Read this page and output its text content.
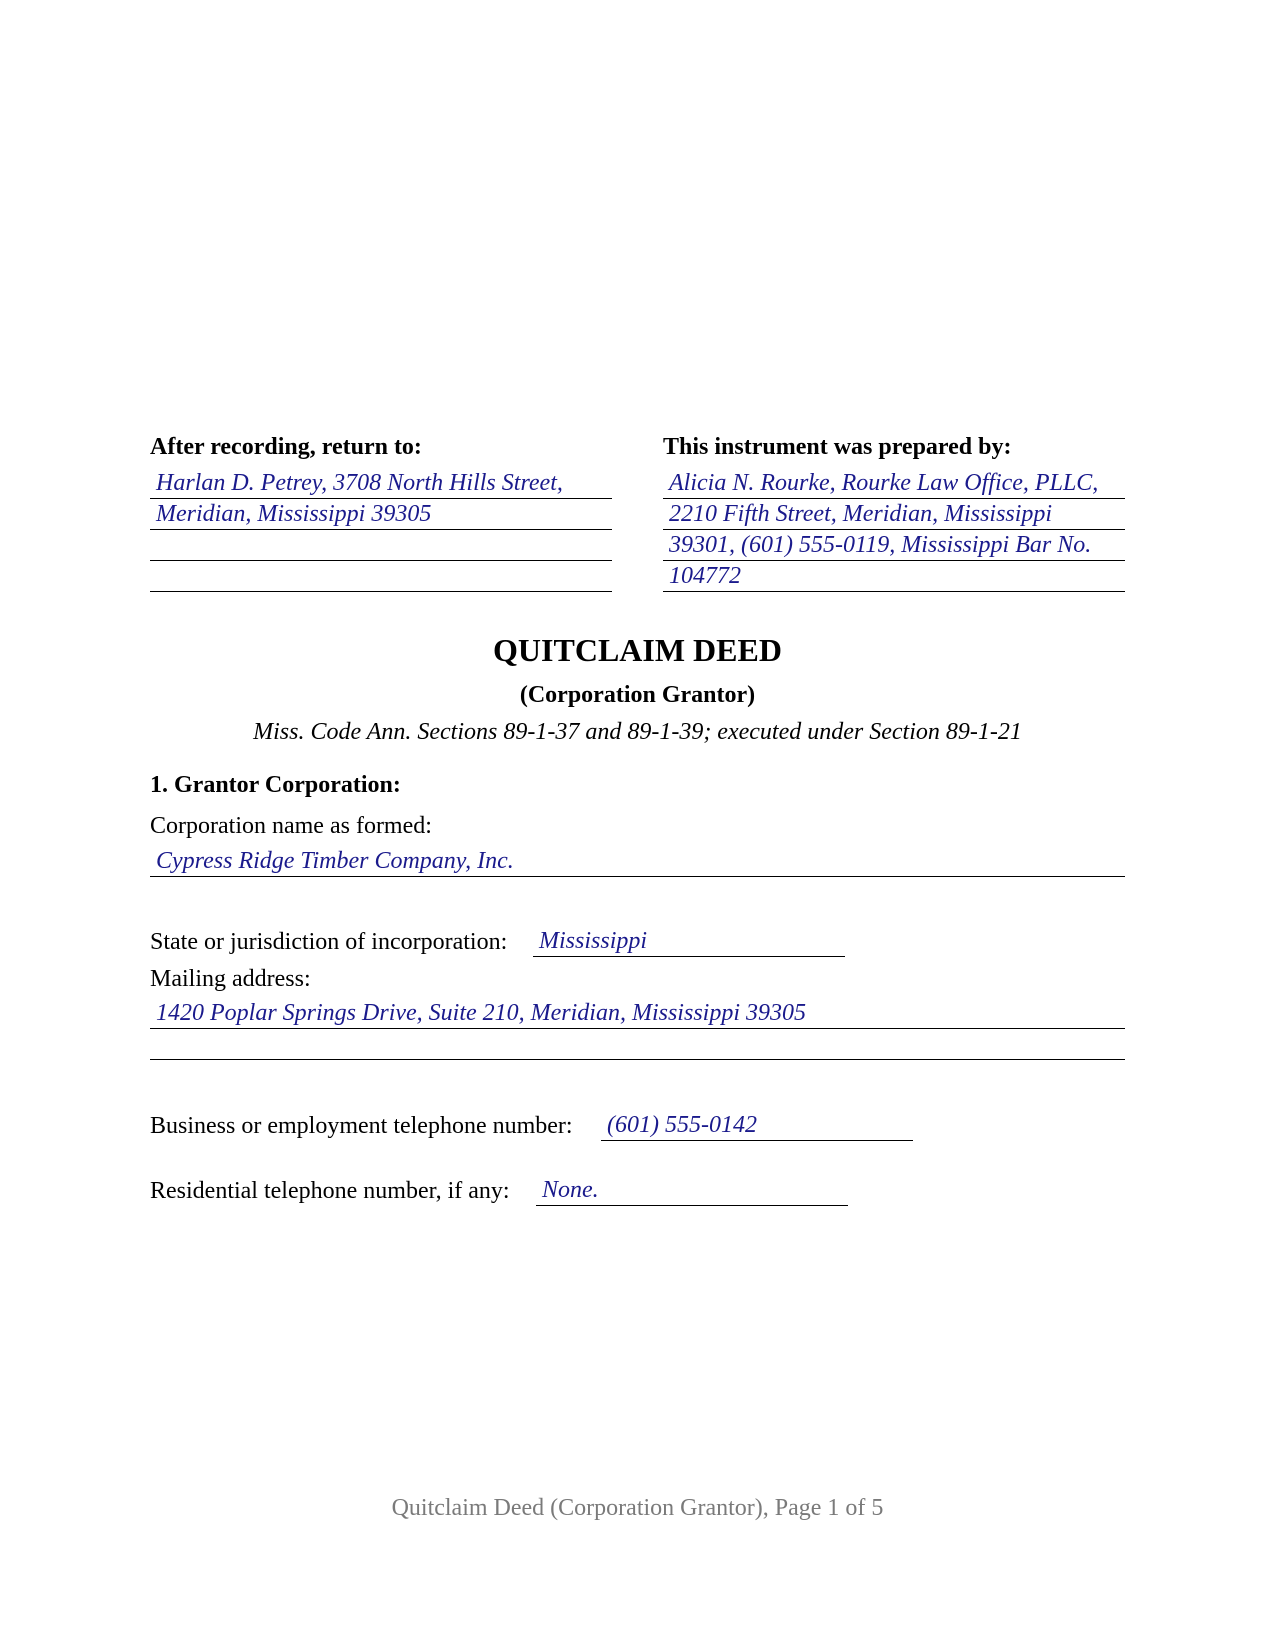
After recording, return to:
Harlan D. Petrey, 3708 North Hills Street,
Meridian, Mississippi 39305
This instrument was prepared by:
Alicia N. Rourke, Rourke Law Office, PLLC,
2210 Fifth Street, Meridian, Mississippi
39301, (601) 555-0119, Mississippi Bar No.
104772
QUITCLAIM DEED
(Corporation Grantor)
Miss. Code Ann. Sections 89-1-37 and 89-1-39; executed under Section 89-1-21
1. Grantor Corporation:
Corporation name as formed:
Cypress Ridge Timber Company, Inc.
State or jurisdiction of incorporation: Mississippi
Mailing address:
1420 Poplar Springs Drive, Suite 210, Meridian, Mississippi 39305
Business or employment telephone number: (601) 555-0142
Residential telephone number, if any: None.
Quitclaim Deed (Corporation Grantor), Page 1 of 5
